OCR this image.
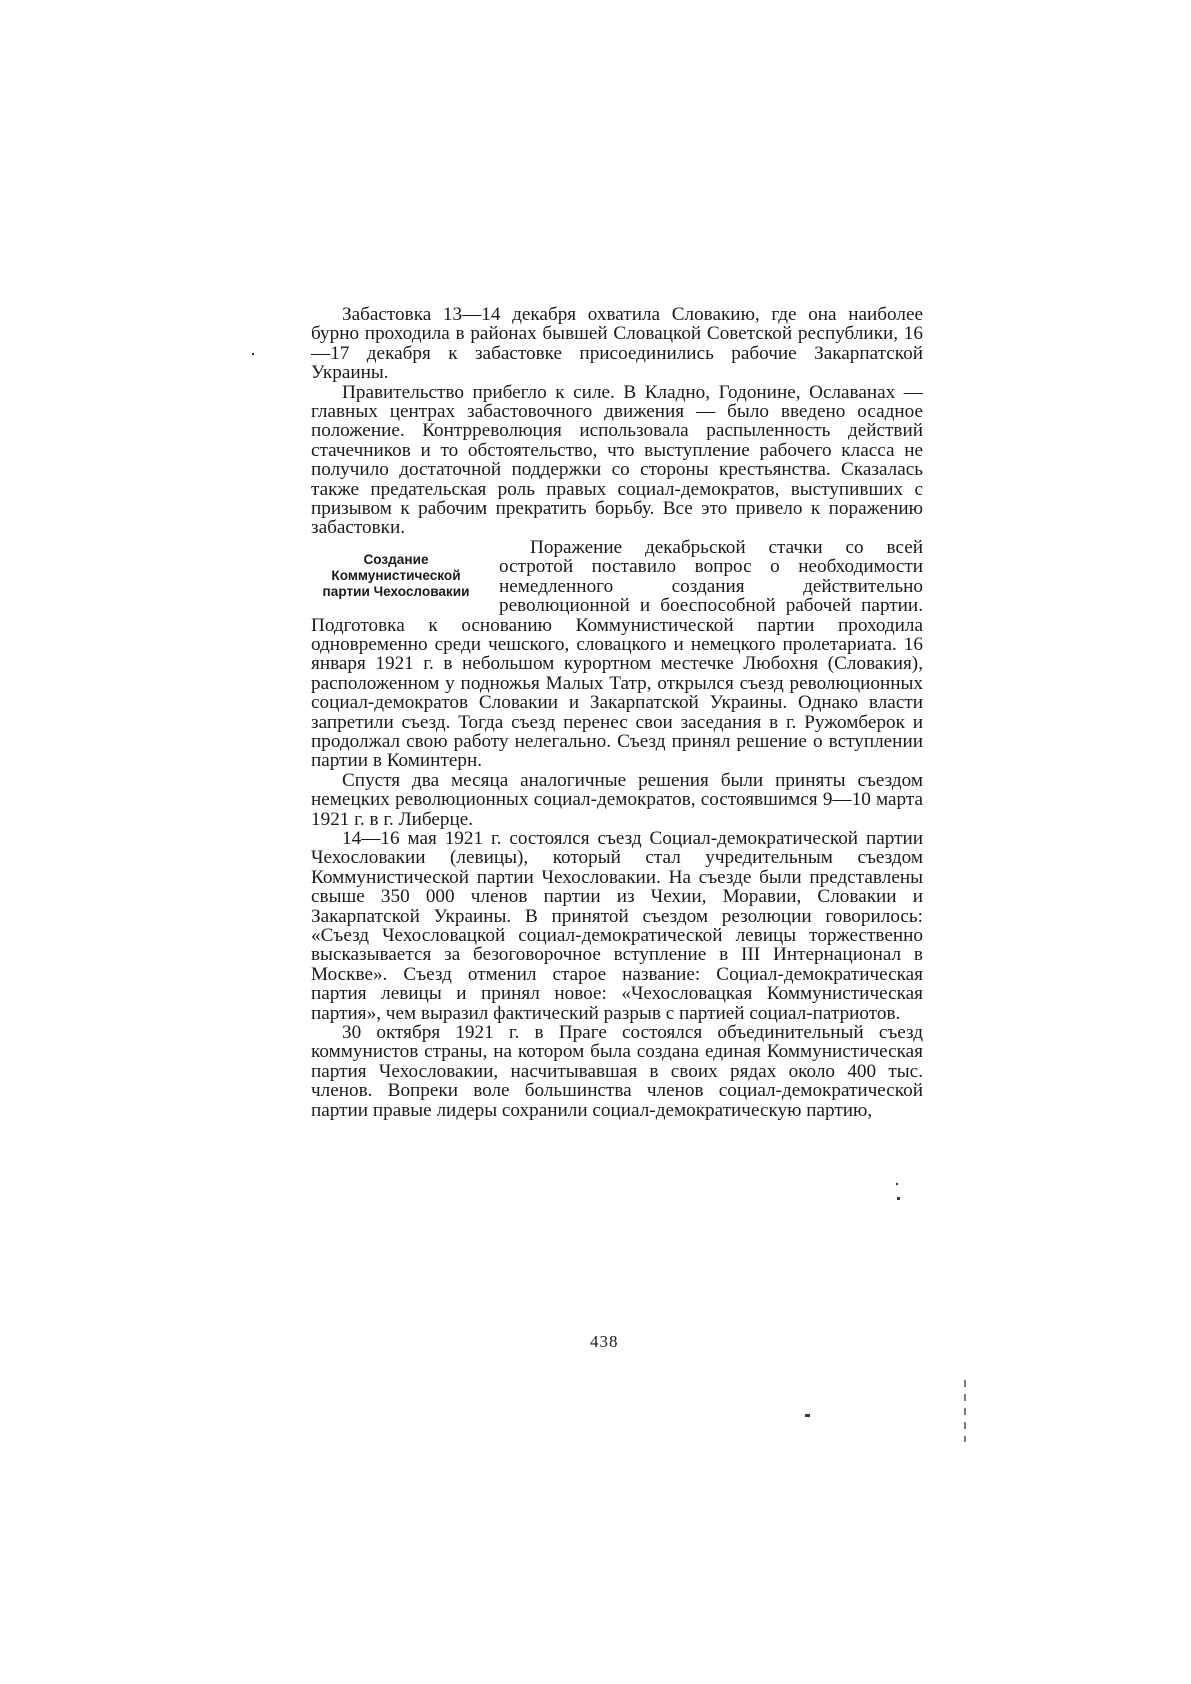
Забастовка 13—14 декабря охватила Словакию, где она наиболее бурно проходила в районах бывшей Словацкой Советской республики, 16—17 декабря к забастовке присоединились рабочие Закарпатской Украины.

Правительство прибегло к силе. В Кладно, Годонине, Ославанах — главных центрах забастовочного движения — было введено осадное положение. Контрреволюция использовала распыленность действий стачечников и то обстоятельство, что выступление рабочего класса не получило достаточной поддержки со стороны крестьянства. Сказалась также предательская роль правых социал-демократов, выступивших с призывом к рабочим прекратить борьбу. Все это привело к поражению забастовки.

Создание
Коммунистической
партии Чехословакии

Поражение декабрьской стачки со всей остротой поставило вопрос о необходимости немедленного создания действительно революционной и боеспособной рабочей партии. Подготовка к основанию Коммунистической партии проходила одновременно среди чешского, словацкого и немецкого пролетариата. 16 января 1921 г. в небольшом курортном местечке Любохня (Словакия), расположенном у подножья Малых Татр, открылся съезд революционных социал-демократов Словакии и Закарпатской Украины. Однако власти запретили съезд. Тогда съезд перенес свои заседания в г. Ружомберок и продолжал свою работу нелегально. Съезд принял решение о вступлении партии в Коминтерн.

Спустя два месяца аналогичные решения были приняты съездом немецких революционных социал-демократов, состоявшимся 9—10 марта 1921 г. в г. Либерце.

14—16 мая 1921 г. состоялся съезд Социал-демократической партии Чехословакии (левицы), который стал учредительным съездом Коммунистической партии Чехословакии. На съезде были представлены свыше 350 000 членов партии из Чехии, Моравии, Словакии и Закарпатской Украины. В принятой съездом резолюции говорилось: «Съезд Чехословацкой социал-демократической левицы торжественно высказывается за безоговорочное вступление в III Интернационал в Москве». Съезд отменил старое название: Социал-демократическая партия левицы и принял новое: «Чехословацкая Коммунистическая партия», чем выразил фактический разрыв с партией социал-патриотов.

30 октября 1921 г. в Праге состоялся объединительный съезд коммунистов страны, на котором была создана единая Коммунистическая партия Чехословакии, насчитывавшая в своих рядах около 400 тыс. членов. Вопреки воле большинства членов социал-демократической партии правые лидеры сохранили социал-демократическую партию,

438
